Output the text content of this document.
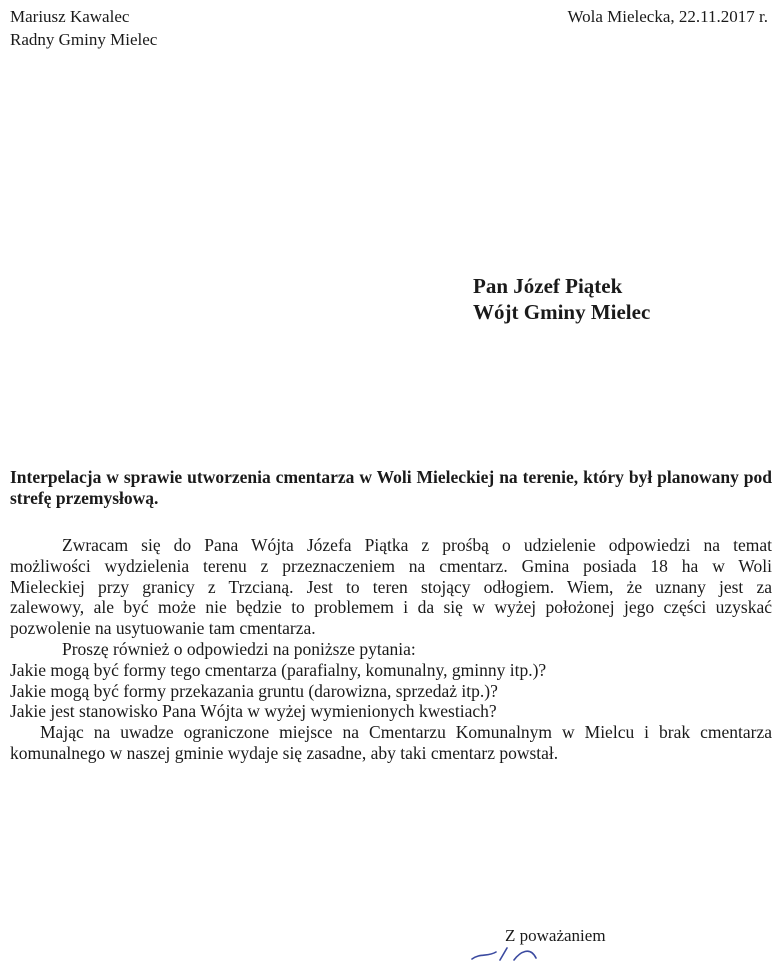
Mariusz Kawalec
Radny Gminy Mielec
Wola Mielecka, 22.11.2017 r.
Pan Józef Piątek
Wójt Gminy Mielec
Interpelacja w sprawie utworzenia cmentarza w Woli Mieleckiej na terenie, który był planowany pod strefę przemysłową.

Zwracam się do Pana Wójta Józefa Piątka z prośbą o udzielenie odpowiedzi na temat

możliwości wydzielenia terenu z przeznaczeniem na cmentarz. Gmina posiada 18 ha w Woli

Mieleckiej przy granicy z Trzcianą. Jest to teren stojący odłogiem. Wiem, że uznany jest za

zalewowy, ale być może nie będzie to problemem i da się w wyżej położonej jego części uzyskać

pozwolenie na usytuowanie tam cmentarza.

Proszę również o odpowiedzi na poniższe pytania:

Jakie mogą być formy tego cmentarza (parafialny, komunalny, gminny itp.)?

Jakie mogą być formy przekazania gruntu (darowizna, sprzedaż itp.)?

Jakie jest stanowisko Pana Wójta w wyżej wymienionych kwestiach?

Mając na uwadze ograniczone miejsce na Cmentarzu Komunalnym w Mielcu i brak cmentarza

komunalnego w naszej gminie wydaje się zasadne, aby taki cmentarz powstał.

Z poważaniem
